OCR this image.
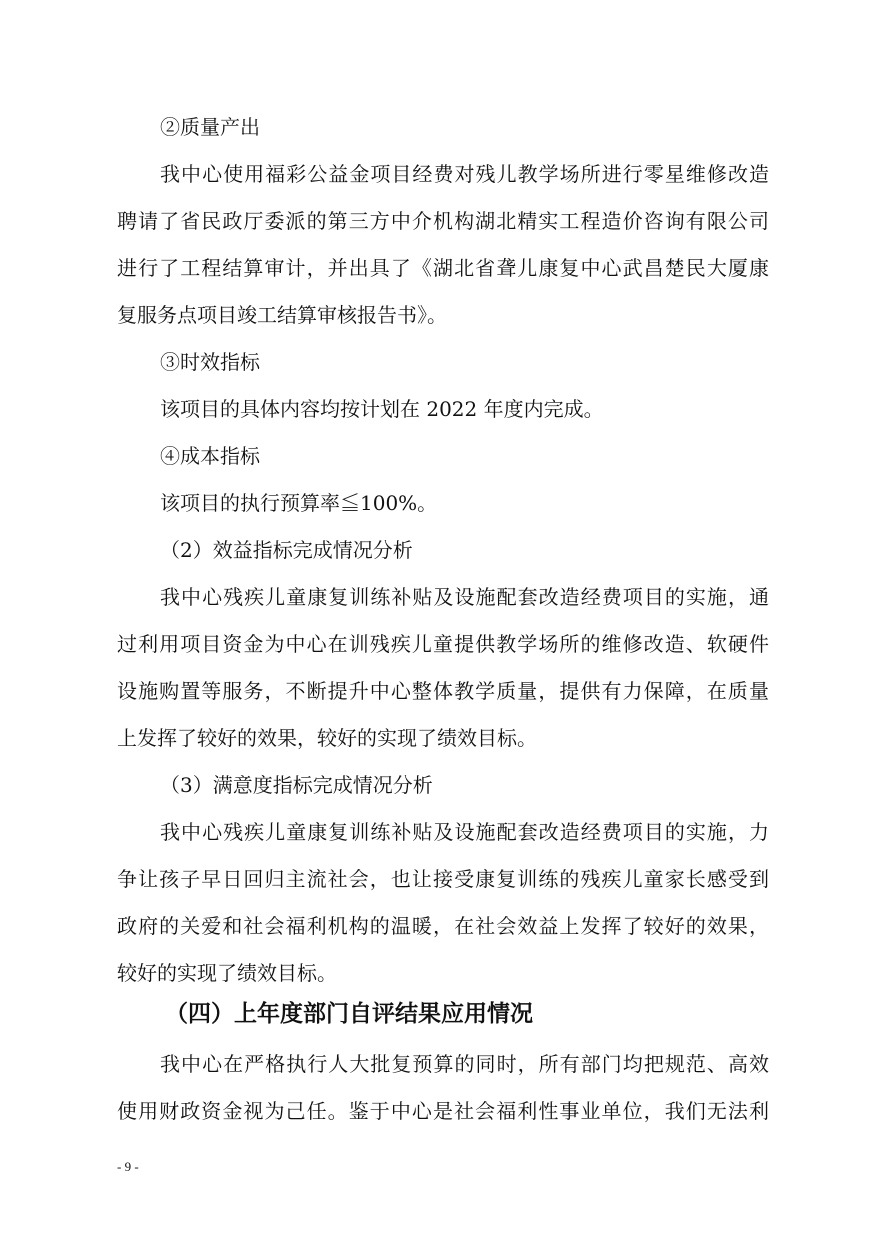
②质量产出
我中心使用福彩公益金项目经费对残儿教学场所进行零星维修改造
聘请了省民政厅委派的第三方中介机构湖北精实工程造价咨询有限公司
进行了工程结算审计，并出具了《湖北省聋儿康复中心武昌楚民大厦康
复服务点项目竣工结算审核报告书》。
③时效指标
该项目的具体内容均按计划在 2022 年度内完成。
④成本指标
该项目的执行预算率≦100%。
（2）效益指标完成情况分析
我中心残疾儿童康复训练补贴及设施配套改造经费项目的实施，通
过利用项目资金为中心在训残疾儿童提供教学场所的维修改造、软硬件
设施购置等服务，不断提升中心整体教学质量，提供有力保障，在质量
上发挥了较好的效果，较好的实现了绩效目标。
（3）满意度指标完成情况分析
我中心残疾儿童康复训练补贴及设施配套改造经费项目的实施，力
争让孩子早日回归主流社会，也让接受康复训练的残疾儿童家长感受到
政府的关爱和社会福利机构的温暖，在社会效益上发挥了较好的效果，
较好的实现了绩效目标。
（四）上年度部门自评结果应用情况
我中心在严格执行人大批复预算的同时，所有部门均把规范、高效
使用财政资金视为己任。鉴于中心是社会福利性事业单位，我们无法利
- 9 -
